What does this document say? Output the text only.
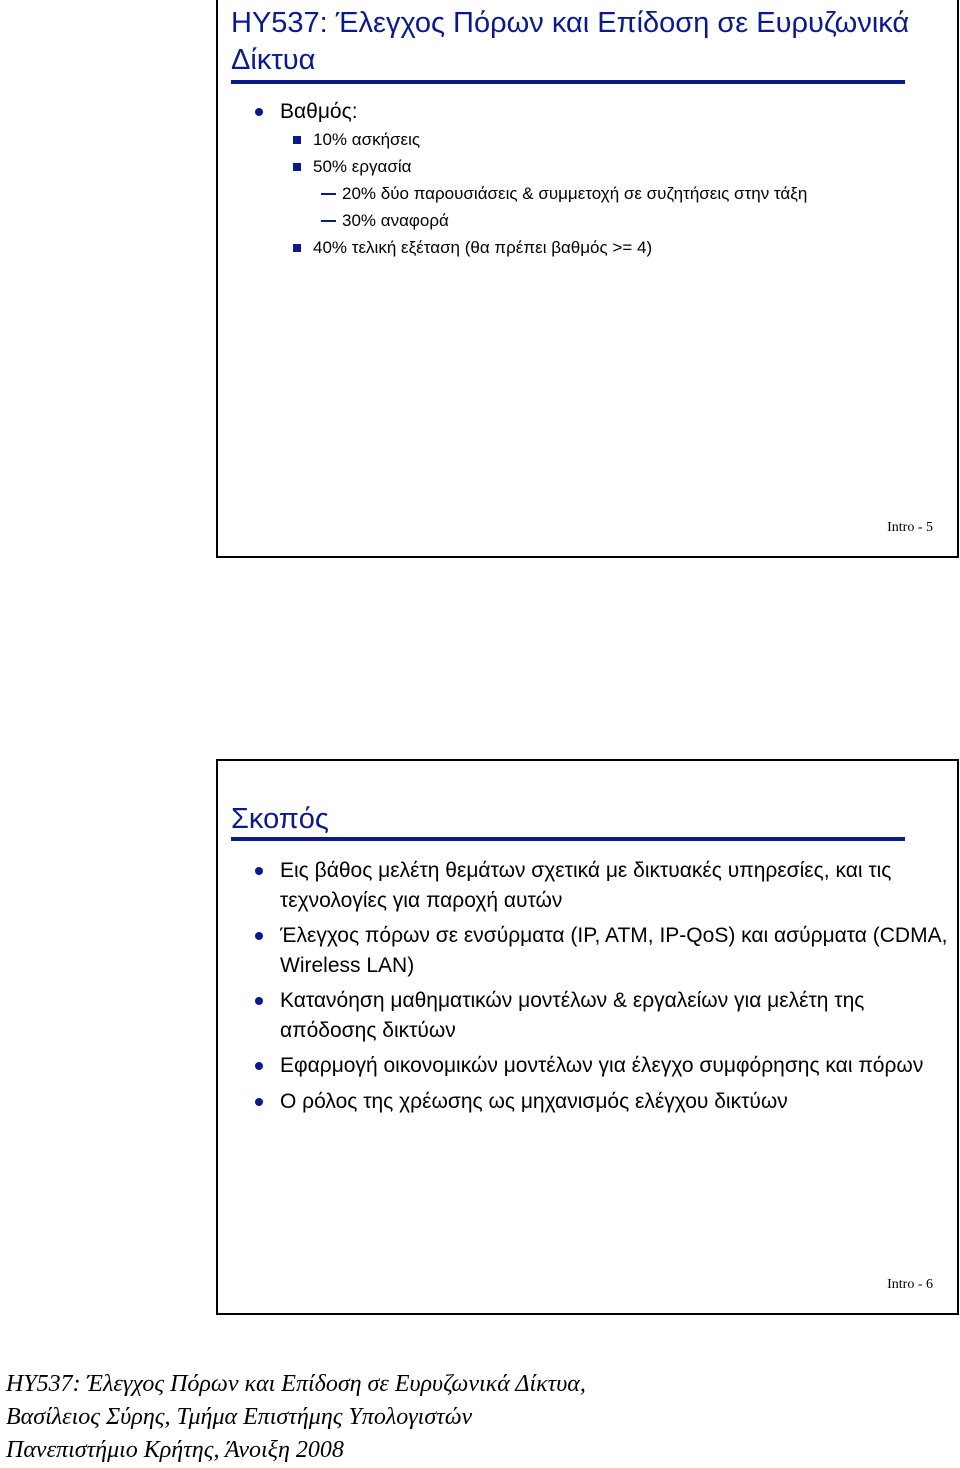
ΗΥ537: Έλεγχος Πόρων και Επίδοση σε Ευρυζωνικά Δίκτυα
Βαθμός:
10% ασκήσεις
50% εργασία
20% δύο παρουσιάσεις & συμμετοχή σε συζητήσεις στην τάξη
30% αναφορά
40% τελική εξέταση (θα πρέπει βαθμός >= 4)
Intro - 5
Σκοπός
Εις βάθος μελέτη θεμάτων σχετικά με δικτυακές υπηρεσίες, και τις τεχνολογίες για παροχή αυτών
Έλεγχος πόρων σε ενσύρματα (IP, ATM, IP-QoS) και ασύρματα (CDMA, Wireless LAN)
Κατανόηση μαθηματικών μοντέλων & εργαλείων για μελέτη της απόδοσης δικτύων
Εφαρμογή οικονομικών μοντέλων για έλεγχο συμφόρησης και πόρων
Ο ρόλος της χρέωσης ως μηχανισμός ελέγχου δικτύων
Intro - 6
ΗΥ537: Έλεγχος Πόρων και Επίδοση σε Ευρυζωνικά Δίκτυα,
Βασίλειος Σύρης, Τμήμα Επιστήμης Υπολογιστών
Πανεπιστήμιο Κρήτης, Άνοιξη 2008
